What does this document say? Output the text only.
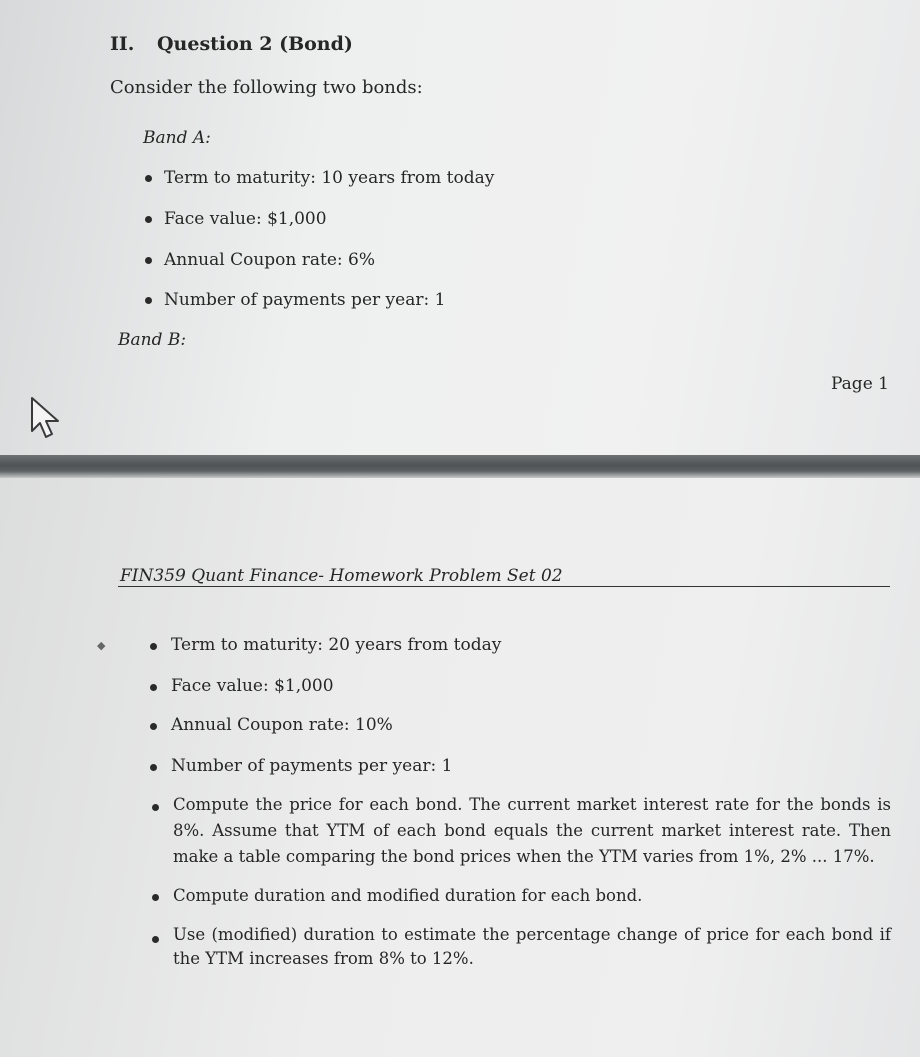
II. Question 2 (Bond)
Consider the following two bonds:
Band A:
Term to maturity: 10 years from today
Face value: $1,000
Annual Coupon rate: 6%
Number of payments per year: 1
Band B:
Page 1
FIN359 Quant Finance- Homework Problem Set 02
◆	Term to maturity: 20 years from today
Face value: $1,000
Annual Coupon rate: 10%
Number of payments per year: 1
Compute the price for each bond. The current market interest rate for the bonds is 8%. Assume that YTM of each bond equals the current market interest rate. Then make a table comparing the bond prices when the YTM varies from 1%, 2% ... 17%.
Compute duration and modified duration for each bond.
Use (modified) duration to estimate the percentage change of price for each bond if the YTM increases from 8% to 12%.
